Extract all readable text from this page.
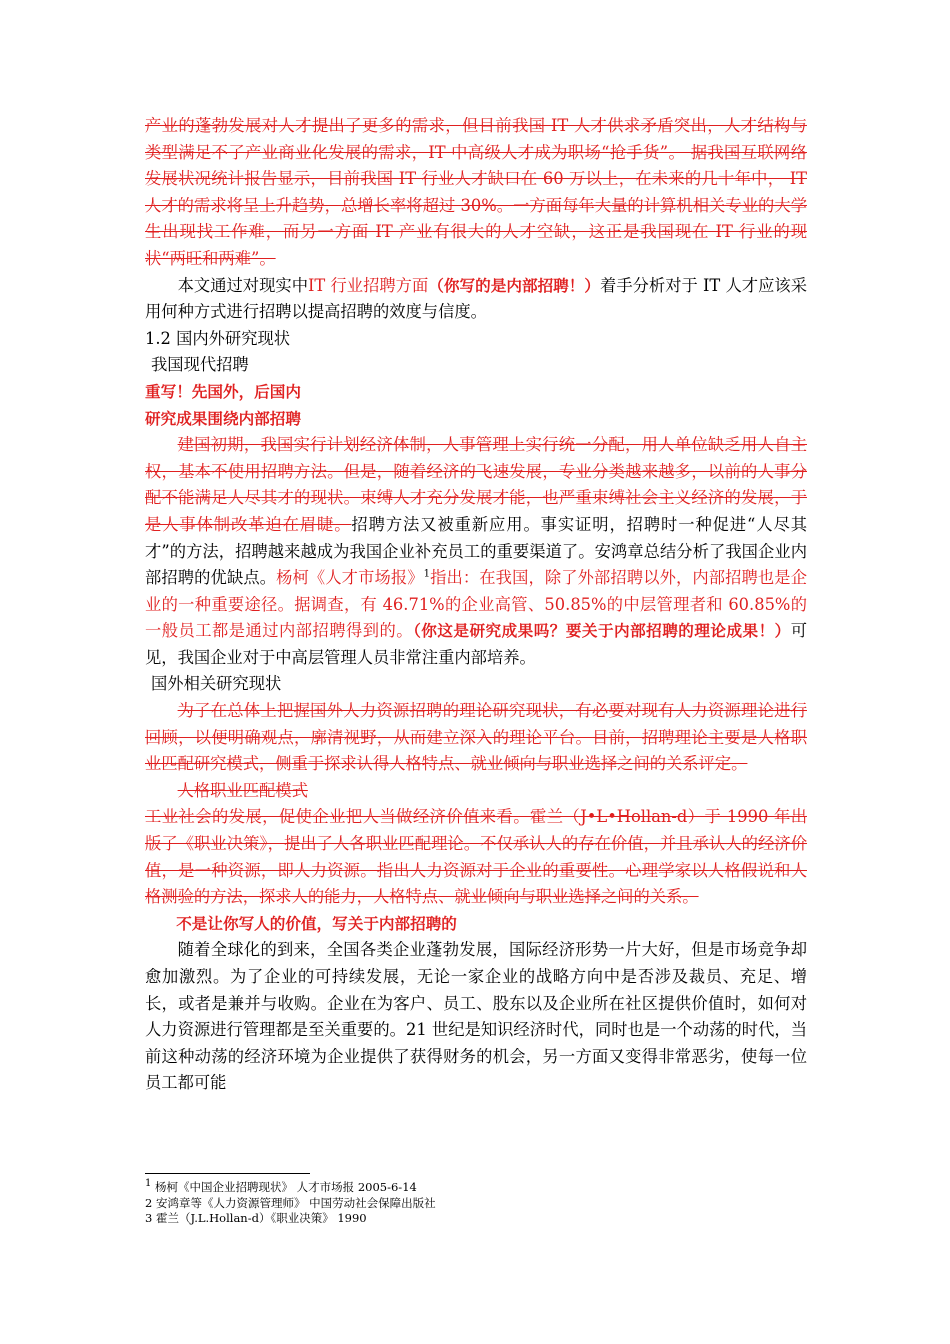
产业的蓬勃发展对人才提出了更多的需求，但目前我国 IT 人才供求矛盾突出，人才结构与类型满足不了产业商业化发展的需求，IT 中高级人才成为职场“抢手货”。 据我国互联网络发展状况统计报告显示，目前我国 IT 行业人才缺口在 60 万以上，在未来的几十年中， IT 人才的需求将呈上升趋势，总增长率将超过 30%。一方面每年大量的计算机相关专业的大学生出现找工作难，而另一方面 IT 产业有很大的人才空缺，这正是我国现在 IT 行业的现状“两旺和两难”。

本文通过对现实中IT 行业招聘方面（你写的是内部招聘！）着手分析对于 IT 人才应该采用何种方式进行招聘以提高招聘的效度与信度。

1.2 国内外研究现状

我国现代招聘

重写！先国外，后国内

研究成果围绕内部招聘

建国初期，我国实行计划经济体制，人事管理上实行统一分配，用人单位缺乏用人自主权，基本不使用招聘方法。但是，随着经济的飞速发展，专业分类越来越多，以前的人事分配不能满足人尽其才的现状。束缚人才充分发展才能，也严重束缚社会主义经济的发展，于是人事体制改革迫在眉睫。招聘方法又被重新应用。事实证明，招聘时一种促进“人尽其才”的方法，招聘越来越成为我国企业补充员工的重要渠道了。安鸿章总结分析了我国企业内部招聘的优缺点。杨柯《人才市场报》$^1$指出：在我国，除了外部招聘以外，内部招聘也是企业的一种重要途径。据调查，有 46.71%的企业高管、50.85%的中层管理者和 60.85%的一般员工都是通过内部招聘得到的。（你这是研究成果吗？要关于内部招聘的理论成果！）可见，我国企业对于中高层管理人员非常注重内部培养。

国外相关研究现状

为了在总体上把握国外人力资源招聘的理论研究现状，有必要对现有人力资源理论进行回顾，以便明确观点，廓清视野，从而建立深入的理论平台。目前，招聘理论主要是人格职业匹配研究模式，侧重于探求认得人格特点、就业倾向与职业选择之间的关系评定。

人格职业匹配模式

工业社会的发展，促使企业把人当做经济价值来看。霍兰（J•L•Hollan-d）于 1990 年出版了《职业决策》，提出了人各职业匹配理论。不仅承认人的存在价值，并且承认人的经济价值，是一种资源，即人力资源。指出人力资源对于企业的重要性。心理学家以人格假说和人格测验的方法，探求人的能力，人格特点、就业倾向与职业选择之间的关系。

不是让你写人的价值，写关于内部招聘的

随着全球化的到来，全国各类企业蓬勃发展，国际经济形势一片大好，但是市场竞争却愈加激烈。为了企业的可持续发展，无论一家企业的战略方向中是否涉及裁员、充足、增长，或者是兼并与收购。企业在为客户、员工、股东以及企业所在社区提供价值时，如何对人力资源进行管理都是至关重要的。21 世纪是知识经济时代，同时也是一个动荡的时代，当前这种动荡的经济环境为企业提供了获得财务的机会，另一方面又变得非常恶劣，使每一位员工都可能

$^1$ 杨柯《中国企业招聘现状》 人才市场报 2005-6-14
2 安鸿章等《人力资源管理师》 中国劳动社会保障出版社
3 霍兰（J.L.Hollan-d）《职业决策》 1990
